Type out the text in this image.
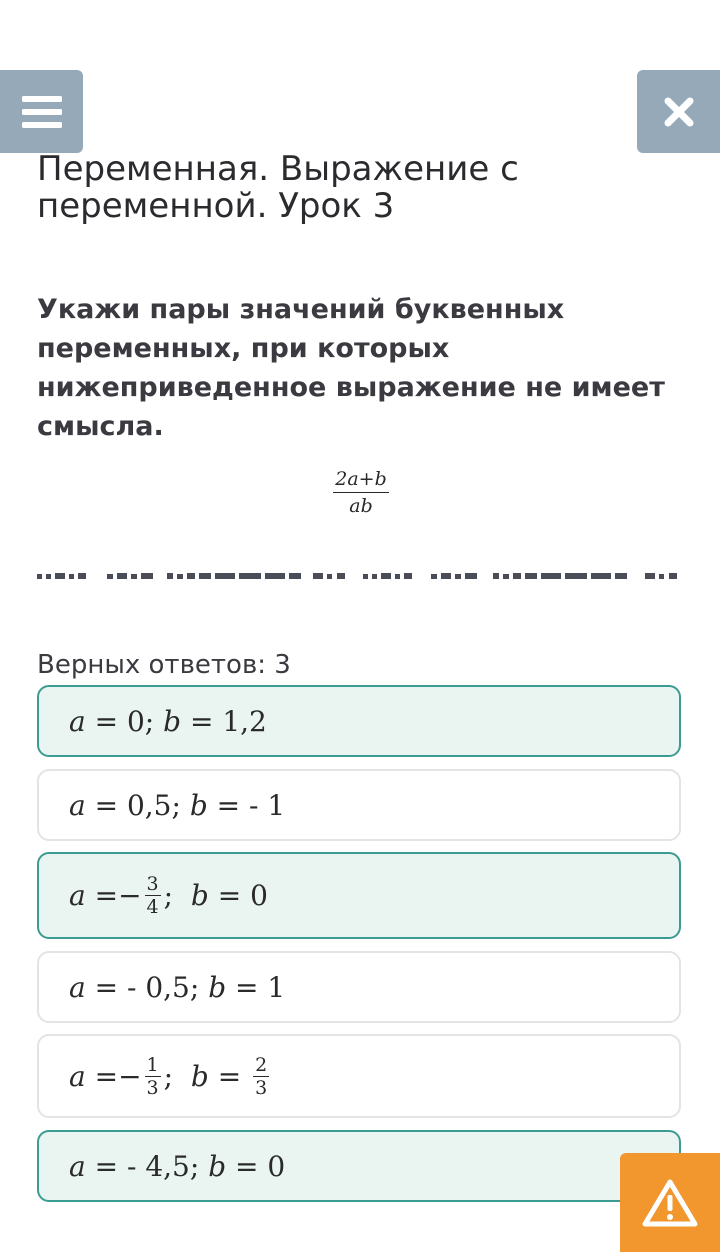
Переменная. Выражение с переменной. Урок 3

Укажи пары значений буквенных переменных, при которых нижеприведенное выражение не имеет смысла.

$\frac{2a+b}{ab}$
Верных ответов: 3
a = 0; b = 1,2
a = 0,5; b = - 1
a = − $\frac{3}{4}$ ; b = 0
a = - 0,5; b = 1
a = − $\frac{1}{3}$ ; $b = \frac{2}{3}$
a = - 4,5; b = 0
